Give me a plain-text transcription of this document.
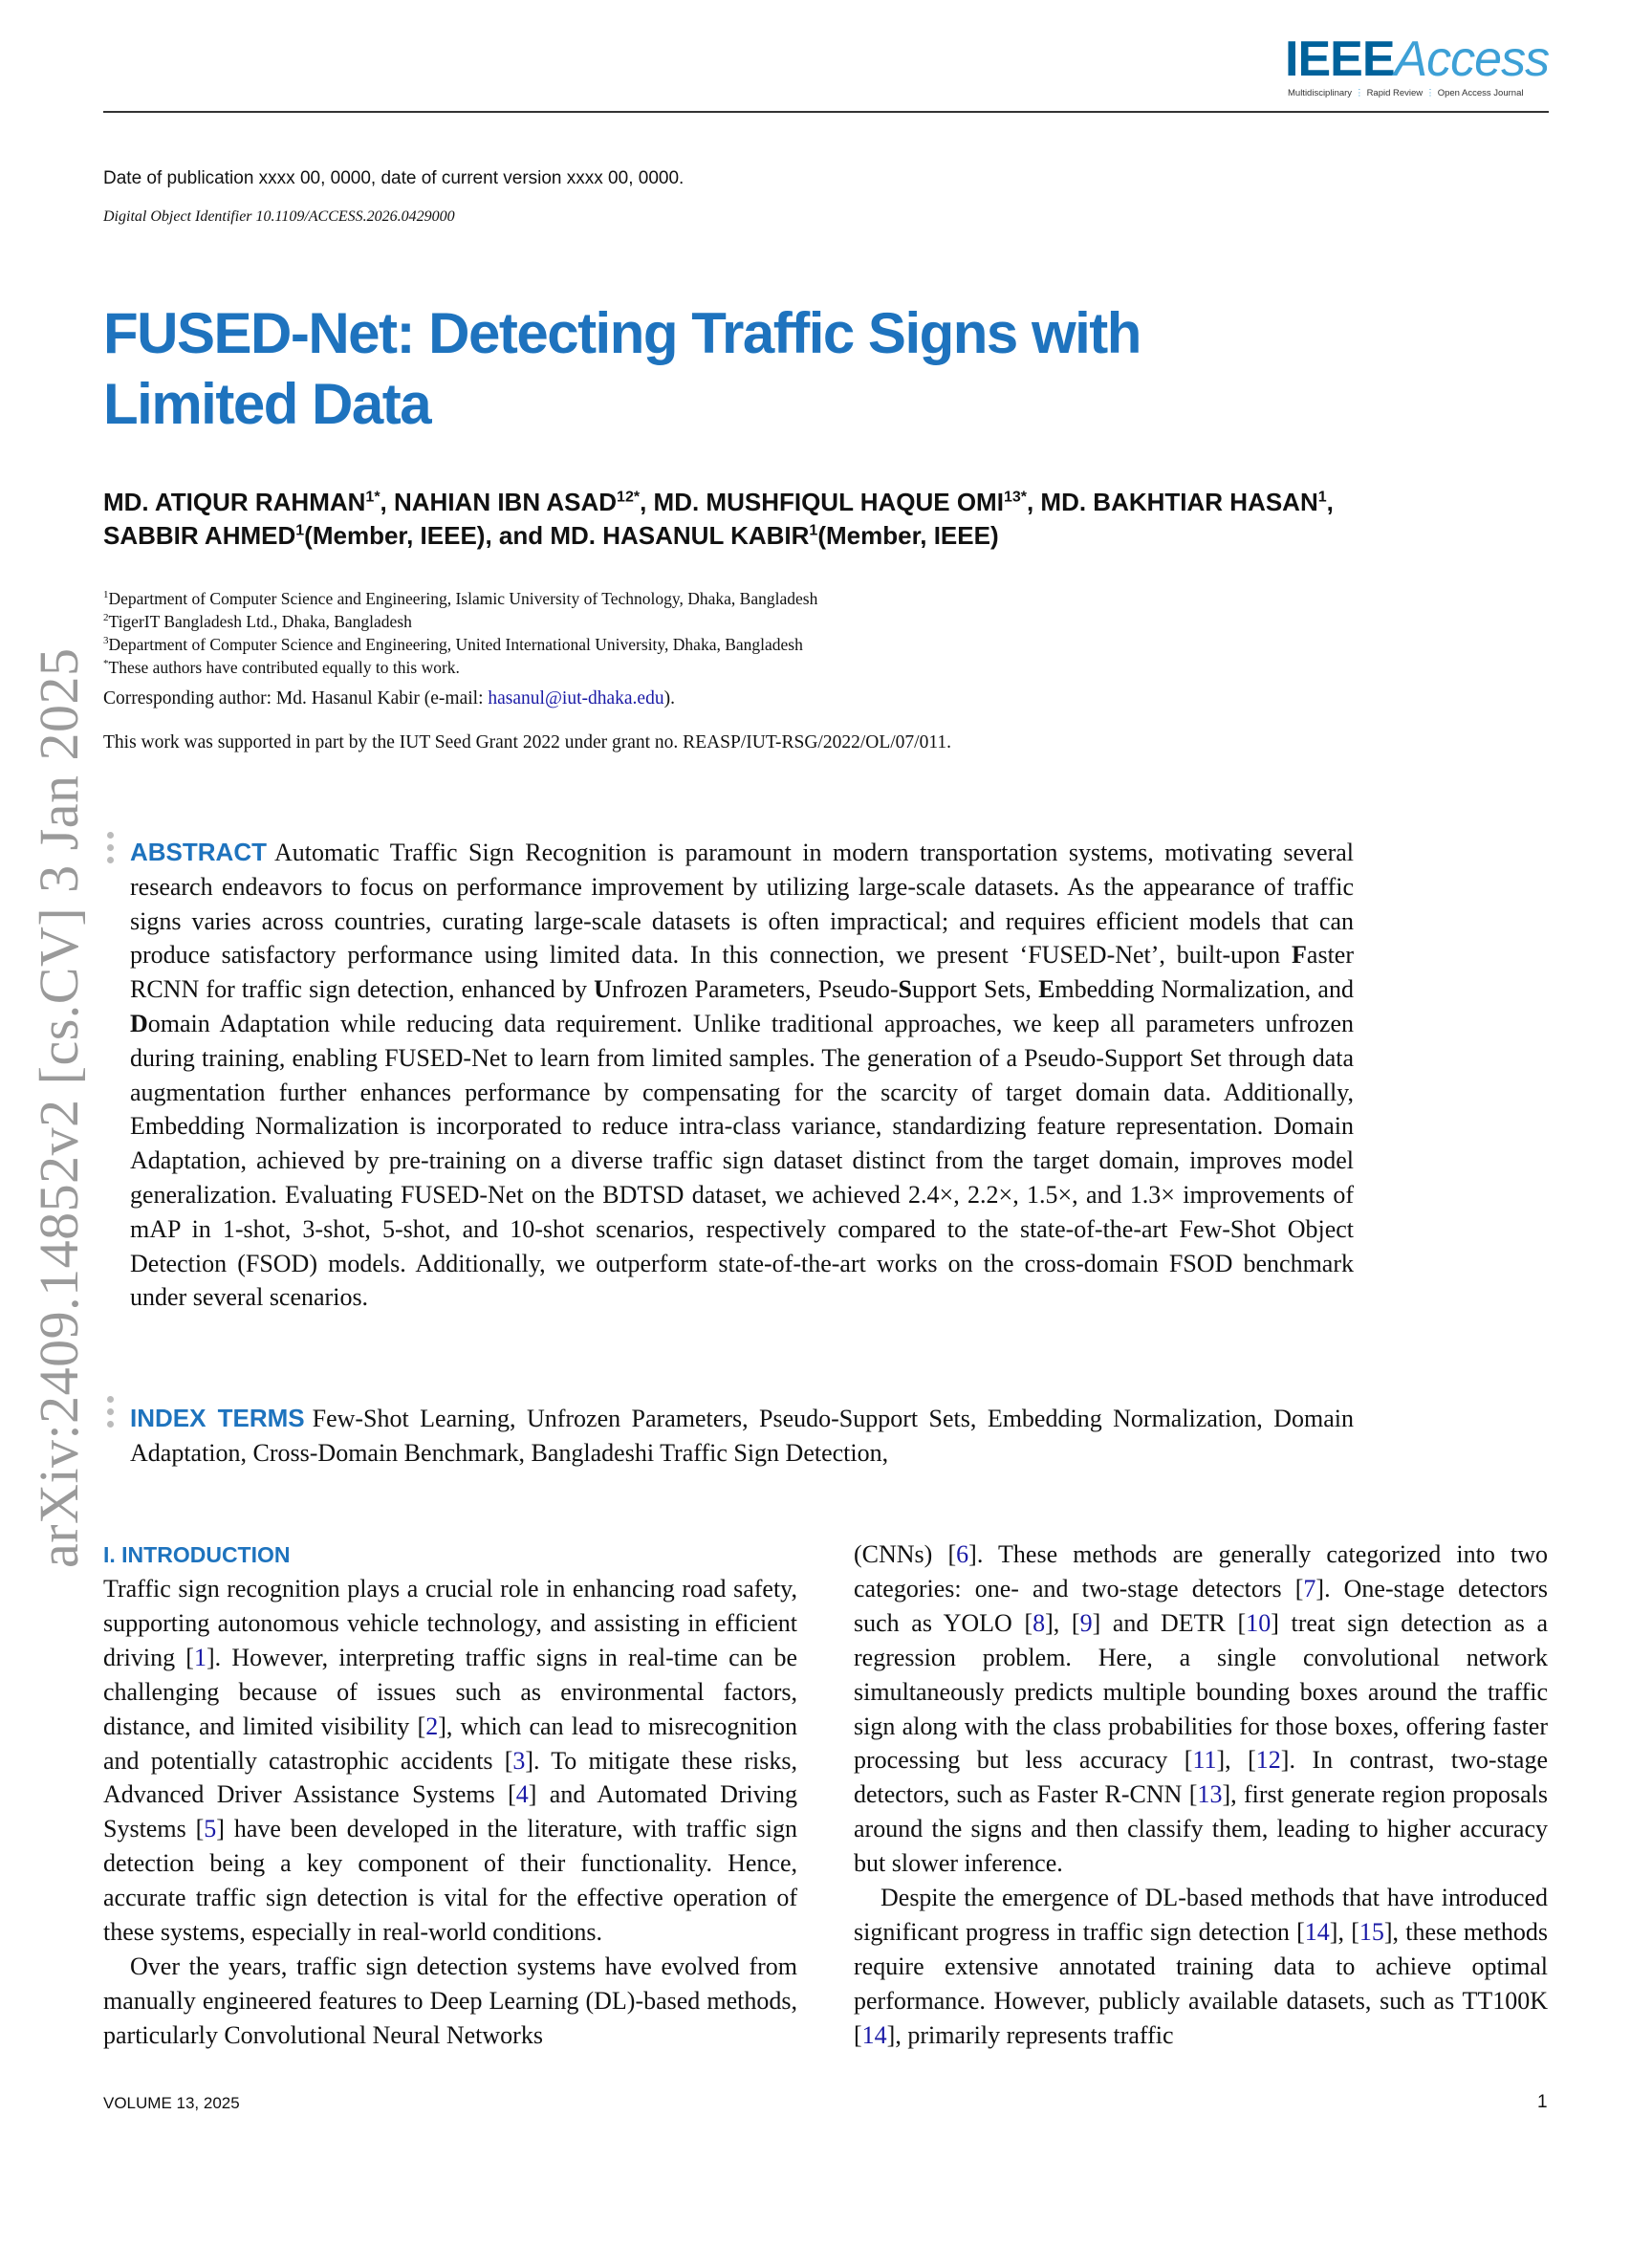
IEEEAccess
Multidisciplinary ⋮ Rapid Review ⋮ Open Access Journal
Date of publication xxxx 00, 0000, date of current version xxxx 00, 0000.
Digital Object Identifier 10.1109/ACCESS.2026.0429000
FUSED-Net: Detecting Traffic Signs with Limited Data
MD. ATIQUR $RAHMAN^{1*}$, NAHIAN IBN $ASAD^{12*}$, MD. MUSHFIQUL HAQUE $OMI^{13*}$, MD. BAKHTIAR HASAN$^1$, SABBIR AHMED$^1$(Member, IEEE), and MD. HASANUL KABIR$^1$(Member, IEEE)
$^1$Department of Computer Science and Engineering, Islamic University of Technology, Dhaka, Bangladesh
$^2$TigerIT Bangladesh Ltd., Dhaka, Bangladesh
$^3$Department of Computer Science and Engineering, United International University, Dhaka, Bangladesh
*These authors have contributed equally to this work.
Corresponding author: Md. Hasanul Kabir (e-mail: hasanul@iut-dhaka.edu).
This work was supported in part by the IUT Seed Grant 2022 under grant no. REASP/IUT-RSG/2022/OL/07/011.
arXiv:2409.14852v2 [cs.CV] 3 Jan 2025 ABSTRACT Automatic Traffic Sign Recognition is paramount in modern transportation systems, motivating several research endeavors to focus on performance improvement by utilizing large-scale datasets. As the appearance of traffic signs varies across countries, curating large-scale datasets is often impractical; and requires efficient models that can produce satisfactory performance using limited data. In this connection, we present ‘FUSED-Net’, built-upon Faster RCNN for traffic sign detection, enhanced by Unfrozen Parameters, Pseudo-Support Sets, Embedding Normalization, and Domain Adaptation while reducing data requirement. Unlike traditional approaches, we keep all parameters unfrozen during training, enabling FUSED-Net to learn from limited samples. The generation of a Pseudo-Support Set through data augmentation further enhances performance by compensating for the scarcity of target domain data. Additionally, Embedding Normalization is incorporated to reduce intra-class variance, standardizing feature representation. Domain Adaptation, achieved by pre-training on a diverse traffic sign dataset distinct from the target domain, improves model generalization. Evaluating FUSED-Net on the BDTSD dataset, we achieved 2.4×, 2.2×, 1.5×, and 1.3× improvements of mAP in 1-shot, 3-shot, 5-shot, and 10-shot scenarios, respectively compared to the state-of-the-art Few-Shot Object Detection (FSOD) models. Additionally, we outperform state-of-the-art works on the cross-domain FSOD benchmark under several scenarios.
INDEX TERMS Few-Shot Learning, Unfrozen Parameters, Pseudo-Support Sets, Embedding Normalization, Domain Adaptation, Cross-Domain Benchmark, Bangladeshi Traffic Sign Detection,
I. INTRODUCTION

Traffic sign recognition plays a crucial role in enhancing road safety, supporting autonomous vehicle technology, and assisting in efficient driving [1]. However, interpreting traffic signs in real-time can be challenging because of issues such as environmental factors, distance, and limited visibility [2], which can lead to misrecognition and potentially catastrophic accidents [3]. To mitigate these risks, Advanced Driver Assistance Systems [4] and Automated Driving Systems [5] have been developed in the literature, with traffic sign detection being a key component of their functionality. Hence, accurate traffic sign detection is vital for the effective operation of these systems, especially in real-world conditions.

Over the years, traffic sign detection systems have evolved from manually engineered features to Deep Learning (DL)-based methods, particularly Convolutional Neural Networks

(CNNs) [6]. These methods are generally categorized into two categories: one- and two-stage detectors [7]. One-stage detectors such as YOLO [8], [9] and DETR [10] treat sign detection as a regression problem. Here, a single convolutional network simultaneously predicts multiple bounding boxes around the traffic sign along with the class probabilities for those boxes, offering faster processing but less accuracy [11], [12]. In contrast, two-stage detectors, such as Faster R-CNN [13], first generate region proposals around the signs and then classify them, leading to higher accuracy but slower inference.

Despite the emergence of DL-based methods that have introduced significant progress in traffic sign detection [14], [15], these methods require extensive annotated training data to achieve optimal performance. However, publicly available datasets, such as TT100K [14], primarily represents traffic

VOLUME 13, 2025	1
